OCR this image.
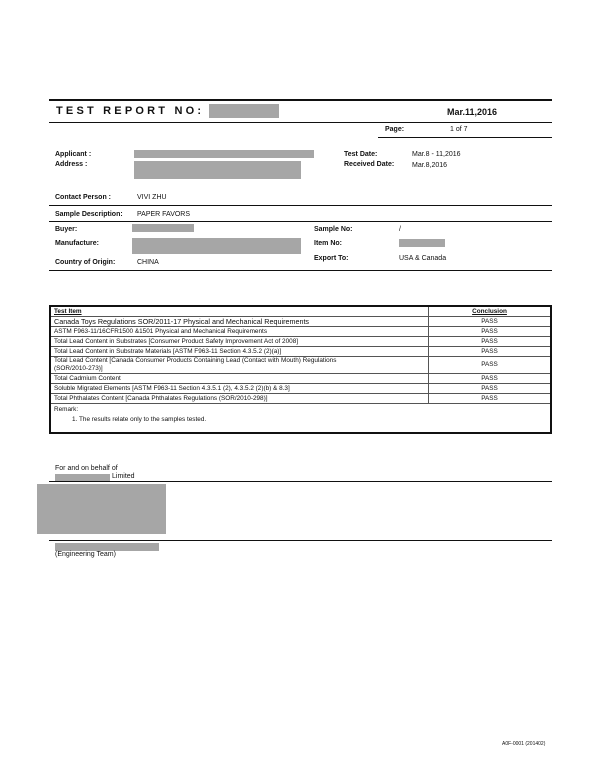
TEST REPORT NO:	Mar.11,2016
Page:	1 of 7
Applicant :
Address :
Test Date:	Mar.8 - 11,2016
Received Date:	Mar.8,2016
Contact Person :	VIVI ZHU
Sample Description: PAPER FAVORS
Buyer:	Sample No:	/
Manufacture:	Item No:
Country of Origin:	CHINA
Export To:	USA & Canada
Test Item	Conclusion
Canada Toys Regulations SOR/2011-17 Physical and Mechanical Requirements	PASS
ASTM F963-11/16CFR1500 &1501 Physical and Mechanical Requirements	PASS
Total Lead Content in Substrates [Consumer Product Safety Improvement Act of 2008]	PASS
Total Lead Content in Substrate Materials [ASTM F963-11 Section 4.3.5.2 (2)(a)]	PASS
Total Lead Content [Canada Consumer Products Containing Lead (Contact with Mouth) Regulations (SOR/2010-273)]	PASS
Total Cadmium Content	PASS
Soluble Migrated Elements [ASTM F963-11 Section 4.3.5.1 (2), 4.3.5.2 (2)(b) & 8.3]	PASS
Total Phthalates Content [Canada Phthalates Regulations (SOR/2010-298)]	PASS

Remark:
1. The results relate only to the samples tested.	
For and on behalf of
Limited
(Engineering Team)
A0F-0001 (201402)
